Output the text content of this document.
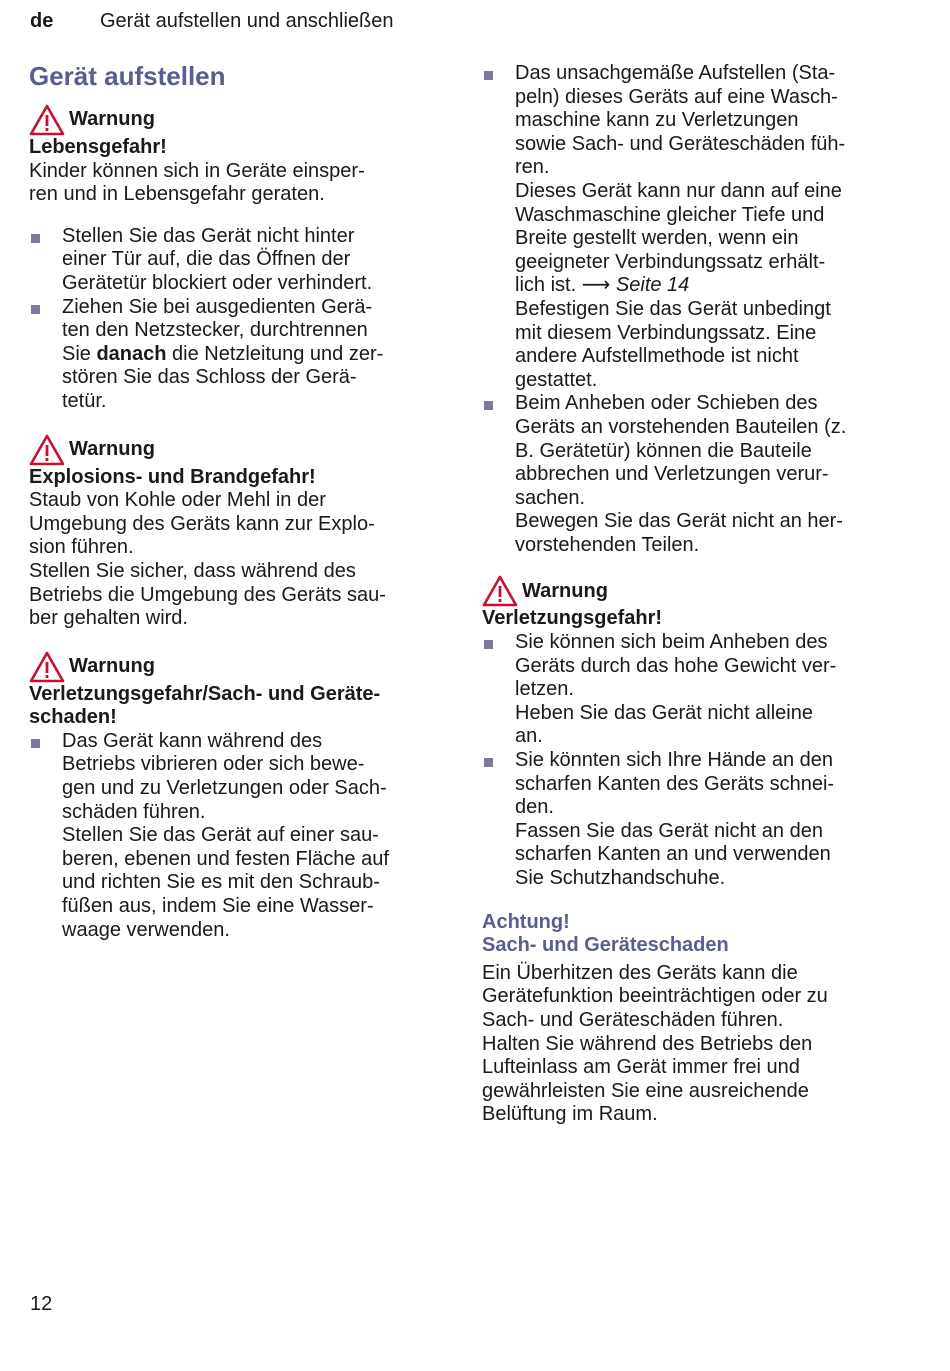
de Gerät aufstellen und anschließen
Gerät aufstellen
Warnung
Lebensgefahr!
Kinder können sich in Geräte einsper-
ren und in Lebensgefahr geraten.
Stellen Sie das Gerät nicht hinter
einer Tür auf, die das Öffnen der
Gerätetür blockiert oder verhindert.
Ziehen Sie bei ausgedienten Gerä-
ten den Netzstecker, durchtrennen
Sie danach die Netzleitung und zer-
stören Sie das Schloss der Gerä-
tetür.
Warnung
Explosions- und Brandgefahr!
Staub von Kohle oder Mehl in der
Umgebung des Geräts kann zur Explo-
sion führen.
Stellen Sie sicher, dass während des
Betriebs die Umgebung des Geräts sau-
ber gehalten wird.
Warnung
Verletzungsgefahr/Sach- und Geräte-
schaden!
Das Gerät kann während des
Betriebs vibrieren oder sich bewe-
gen und zu Verletzungen oder Sach-
schäden führen.
Stellen Sie das Gerät auf einer sau-
beren, ebenen und festen Fläche auf
und richten Sie es mit den Schraub-
füßen aus, indem Sie eine Wasser-
waage verwenden.
Das unsachgemäße Aufstellen (Sta-
peln) dieses Geräts auf eine Wasch-
maschine kann zu Verletzungen
sowie Sach- und Geräteschäden füh-
ren.
Dieses Gerät kann nur dann auf eine
Waschmaschine gleicher Tiefe und
Breite gestellt werden, wenn ein
geeigneter Verbindungssatz erhält-
lich ist. ⟶ Seite 14
Befestigen Sie das Gerät unbedingt
mit diesem Verbindungssatz. Eine
andere Aufstellmethode ist nicht
gestattet.
Beim Anheben oder Schieben des
Geräts an vorstehenden Bauteilen (z.
B. Gerätetür) können die Bauteile
abbrechen und Verletzungen verur-
sachen.
Bewegen Sie das Gerät nicht an her-
vorstehenden Teilen.
Warnung
Verletzungsgefahr!
Sie können sich beim Anheben des
Geräts durch das hohe Gewicht ver-
letzen.
Heben Sie das Gerät nicht alleine
an.
Sie könnten sich Ihre Hände an den
scharfen Kanten des Geräts schnei-
den.
Fassen Sie das Gerät nicht an den
scharfen Kanten an und verwenden
Sie Schutzhandschuhe.
Achtung!
Sach- und Geräteschaden
Ein Überhitzen des Geräts kann die
Gerätefunktion beeinträchtigen oder zu
Sach- und Geräteschäden führen.
Halten Sie während des Betriebs den
Lufteinlass am Gerät immer frei und
gewährleisten Sie eine ausreichende
Belüftung im Raum.
12
